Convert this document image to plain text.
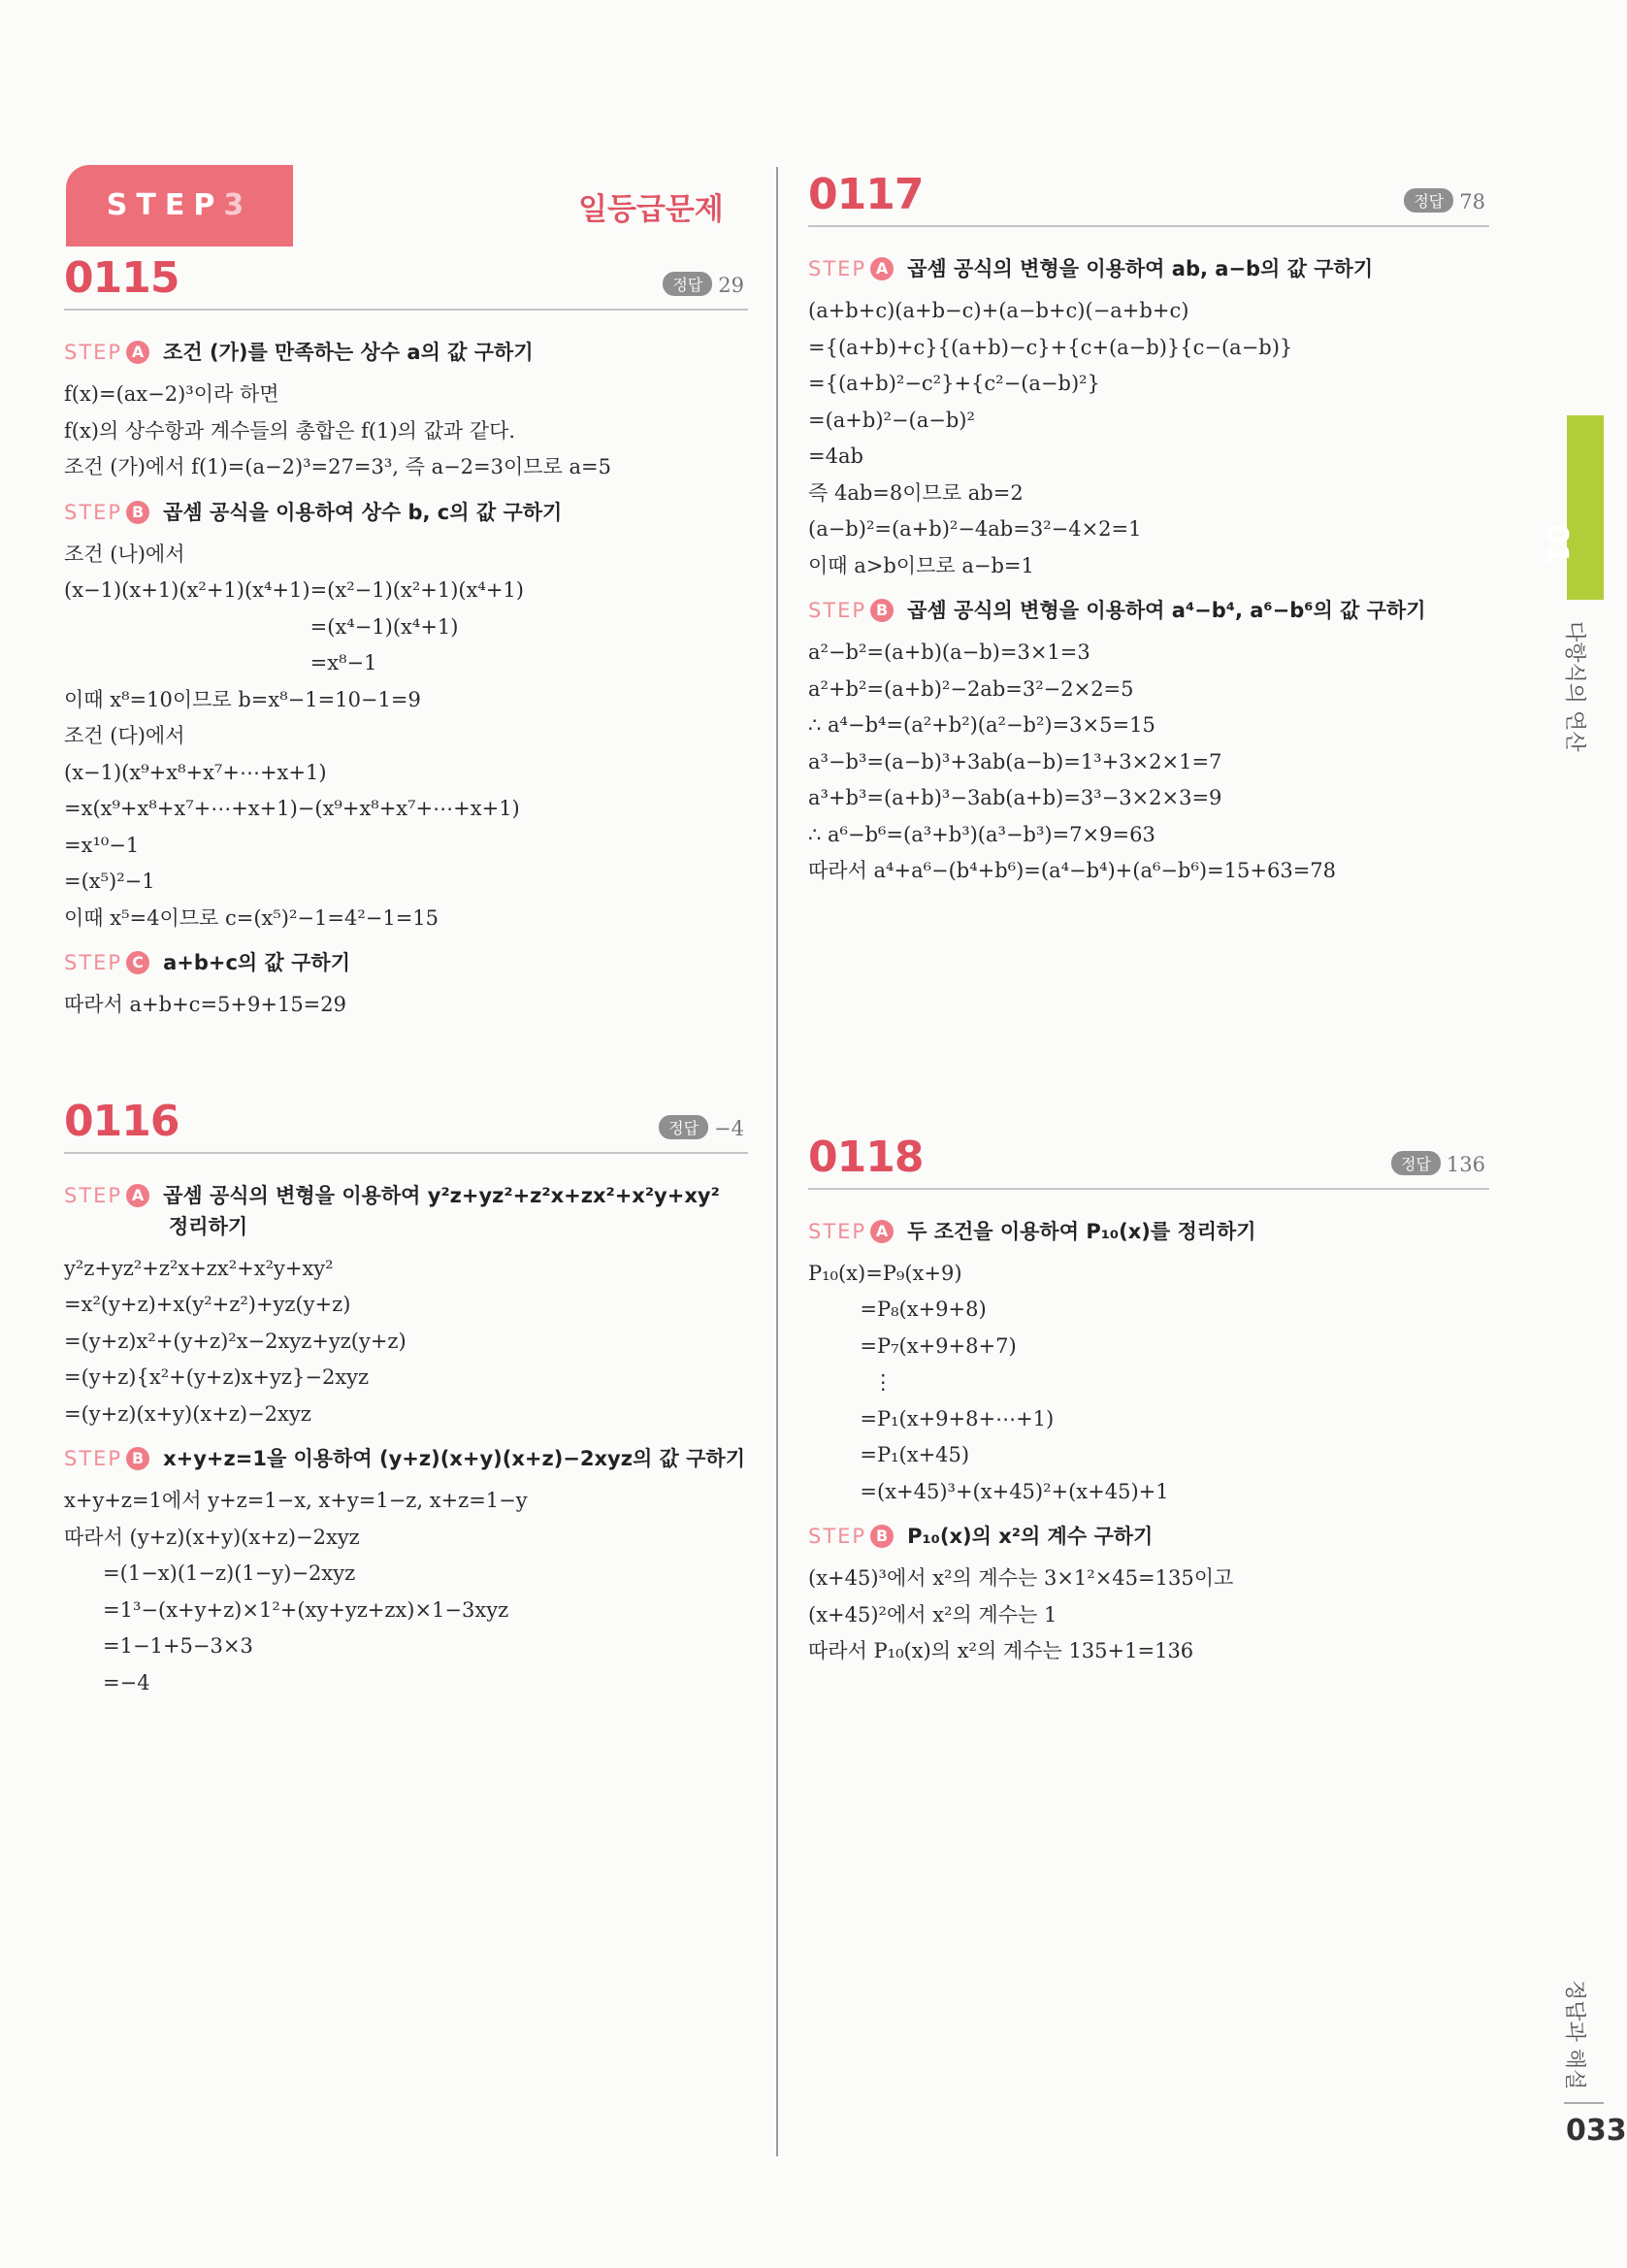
STEP3	일등급문제
0115	정답 29
STEP A 조건 (가)를 만족하는 상수 a의 값 구하기
f(x)=(ax−2)³이라 하면
f(x)의 상수항과 계수들의 총합은 f(1)의 값과 같다.
조건 (가)에서 f(1)=(a−2)³=27=3³, 즉 a−2=3이므로 a=5
STEP B 곱셈 공식을 이용하여 상수 b, c의 값 구하기
조건 (나)에서
(x−1)(x+1)(x²+1)(x⁴+1)=(x²−1)(x²+1)(x⁴+1)
=(x⁴−1)(x⁴+1)
=x⁸−1
이때 x⁸=10이므로 b=x⁸−1=10−1=9
조건 (다)에서
(x−1)(x⁹+x⁸+x⁷+⋯+x+1)
=x(x⁹+x⁸+x⁷+⋯+x+1)−(x⁹+x⁸+x⁷+⋯+x+1)
=x¹⁰−1
=(x⁵)²−1
이때 x⁵=4이므로 c=(x⁵)²−1=4²−1=15
STEP C a+b+c의 값 구하기
따라서 a+b+c=5+9+15=29
0116	정답 −4
STEP A 곱셈 공식의 변형을 이용하여 y²z+yz²+z²x+zx²+x²y+xy²
정리하기
y²z+yz²+z²x+zx²+x²y+xy²
=x²(y+z)+x(y²+z²)+yz(y+z)
=(y+z)x²+(y+z)²x−2xyz+yz(y+z)
=(y+z){x²+(y+z)x+yz}−2xyz
=(y+z)(x+y)(x+z)−2xyz
STEP B x+y+z=1을 이용하여 (y+z)(x+y)(x+z)−2xyz의 값 구하기
x+y+z=1에서 y+z=1−x, x+y=1−z, x+z=1−y
따라서 (y+z)(x+y)(x+z)−2xyz
=(1−x)(1−z)(1−y)−2xyz
=1³−(x+y+z)×1²+(xy+yz+zx)×1−3xyz
=1−1+5−3×3
=−4
0117	정답 78
STEP A 곱셈 공식의 변형을 이용하여 ab, a−b의 값 구하기
(a+b+c)(a+b−c)+(a−b+c)(−a+b+c)
={(a+b)+c}{(a+b)−c}+{c+(a−b)}{c−(a−b)}
={(a+b)²−c²}+{c²−(a−b)²}
=(a+b)²−(a−b)²
=4ab
즉 4ab=8이므로 ab=2
(a−b)²=(a+b)²−4ab=3²−4×2=1
이때 a>b이므로 a−b=1
STEP B 곱셈 공식의 변형을 이용하여 a⁴−b⁴, a⁶−b⁶의 값 구하기
a²−b²=(a+b)(a−b)=3×1=3
a²+b²=(a+b)²−2ab=3²−2×2=5
∴ a⁴−b⁴=(a²+b²)(a²−b²)=3×5=15
a³−b³=(a−b)³+3ab(a−b)=1³+3×2×1=7
a³+b³=(a+b)³−3ab(a+b)=3³−3×2×3=9
∴ a⁶−b⁶=(a³+b³)(a³−b³)=7×9=63
따라서 a⁴+a⁶−(b⁴+b⁶)=(a⁴−b⁴)+(a⁶−b⁶)=15+63=78
0118	정답 136
STEP A 두 조건을 이용하여 P₁₀(x)를 정리하기
P₁₀(x)=P₉(x+9)
=P₈(x+9+8)
=P₇(x+9+8+7)
⋮
=P₁(x+9+8+⋯+1)
=P₁(x+45)
=(x+45)³+(x+45)²+(x+45)+1
STEP B P₁₀(x)의 x²의 계수 구하기
(x+45)³에서 x²의 계수는 3×1²×45=135이고
(x+45)²에서 x²의 계수는 1
따라서 P₁₀(x)의 x²의 계수는 135+1=136
01
다항식의 연산
정답과 해설
033
